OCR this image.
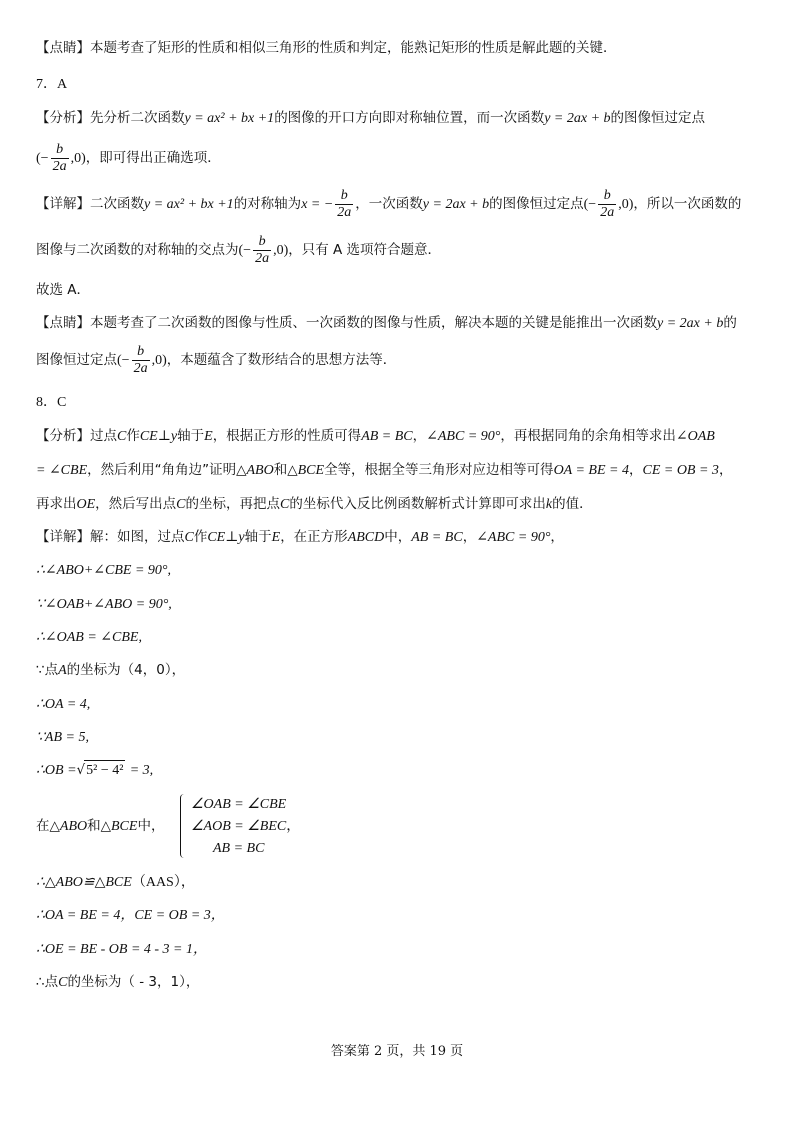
【点睛】本题考查了矩形的性质和相似三角形的性质和判定，能熟记矩形的性质是解此题的关键．
7．A
【分析】先分析二次函数y = ax² + bx +1的图像的开口方向即对称轴位置，而一次函数y = 2ax + b的图像恒过定点
(− $\frac{b}{2a} ,0$)，即可得出正确选项．
【详解】二次函数y = ax² + bx +1的对称轴为x = − $\frac{b}{2a}$ ，一次函数y = 2ax + b的图像恒过定点(− $\frac{b}{2a} ,0$)，所以一次函数的
图像与二次函数的对称轴的交点为(− $\frac{b}{2a} ,0$)，只有 A 选项符合题意．
故选 A．
【点睛】本题考查了二次函数的图像与性质、一次函数的图像与性质，解决本题的关键是能推出一次函数y = 2ax + b的
图像恒过定点(− $\frac{b}{2a} ,0$)，本题蕴含了数形结合的思想方法等．
8．C
【分析】过点C作CE⊥y轴于E，根据正方形的性质可得AB = BC，∠ABC = 90°，再根据同角的余角相等求出∠OAB
= ∠CBE，然后利用“角角边”证明△ABO和△BCE全等，根据全等三角形对应边相等可得OA = BE = 4，CE = OB = 3，
再求出OE，然后写出点C的坐标，再把点C的坐标代入反比例函数解析式计算即可求出k的值．
【详解】解：如图，过点C作CE⊥y轴于E，在正方形ABCD中，AB = BC，∠ABC = 90°，
∴∠ABO+∠CBE = 90°,
∵∠OAB+∠ABO = 90°,
∴∠OAB = ∠CBE,
∵点A的坐标为（4，0），
∴OA = 4,
∵AB = 5,
∴OB =√5² − 4² = 3,
在△ABO和△BCE中，
∠OAB = ∠CBE
∠AOB = ∠BEC，
AB = BC
∴△ABO≌△BCE（AAS），
∴OA = BE = 4，CE = OB = 3，
∴OE = BE - OB = 4 - 3 = 1，
∴点C的坐标为（ - 3，1），
答案第 2 页，共 19 页
